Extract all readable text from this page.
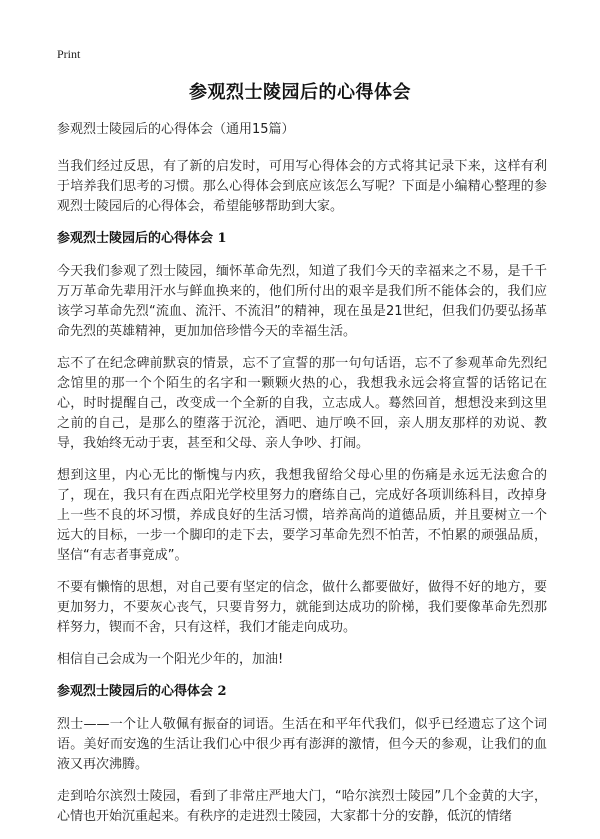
Print
参观烈士陵园后的心得体会

参观烈士陵园后的心得体会（通用15篇）

当我们经过反思，有了新的启发时，可用写心得体会的方式将其记录下来，这样有利于培养我们思考的习惯。那么心得体会到底应该怎么写呢？下面是小编精心整理的参观烈士陵园后的心得体会，希望能够帮助到大家。

参观烈士陵园后的心得体会 1

今天我们参观了烈士陵园，缅怀革命先烈，知道了我们今天的幸福来之不易，是千千万万革命先辈用汗水与鲜血换来的，他们所付出的艰辛是我们所不能体会的，我们应该学习革命先烈“流血、流汗、不流泪”的精神，现在虽是21世纪，但我们仍要弘扬革命先烈的英雄精神，更加加倍珍惜今天的幸福生活。

忘不了在纪念碑前默哀的情景，忘不了宣誓的那一句句话语，忘不了参观革命先烈纪念馆里的那一个个陌生的名字和一颗颗火热的心，我想我永远会将宣誓的话铭记在心，时时提醒自己，改变成一个全新的自我，立志成人。蓦然回首，想想没来到这里之前的自己，是那么的堕落于沉沦，酒吧、迪厅唤不回，亲人朋友那样的劝说、教导，我始终无动于衷，甚至和父母、亲人争吵、打闹。

想到这里，内心无比的惭愧与内疚，我想我留给父母心里的伤痛是永远无法愈合的了，现在，我只有在西点阳光学校里努力的磨练自己，完成好各项训练科目，改掉身上一些不良的坏习惯，养成良好的生活习惯，培养高尚的道德品质，并且要树立一个远大的目标，一步一个脚印的走下去，要学习革命先烈不怕苦，不怕累的顽强品质，坚信“有志者事竟成”。

不要有懒惰的思想，对自己要有坚定的信念，做什么都要做好，做得不好的地方，要更加努力，不要灰心丧气，只要肯努力，就能到达成功的阶梯，我们要像革命先烈那样努力，锲而不舍，只有这样，我们才能走向成功。

相信自己会成为一个阳光少年的，加油!

参观烈士陵园后的心得体会 2

烈士——一个让人敬佩有振奋的词语。生活在和平年代我们，似乎已经遗忘了这个词语。美好而安逸的生活让我们心中很少再有澎湃的激情，但今天的参观，让我们的血液又再次沸腾。

走到哈尔滨烈士陵园，看到了非常庄严地大门，“哈尔滨烈士陵园”几个金黄的大字，心情也开始沉重起来。有秩序的走进烈士陵园，大家都十分的安静，低沉的情绪
